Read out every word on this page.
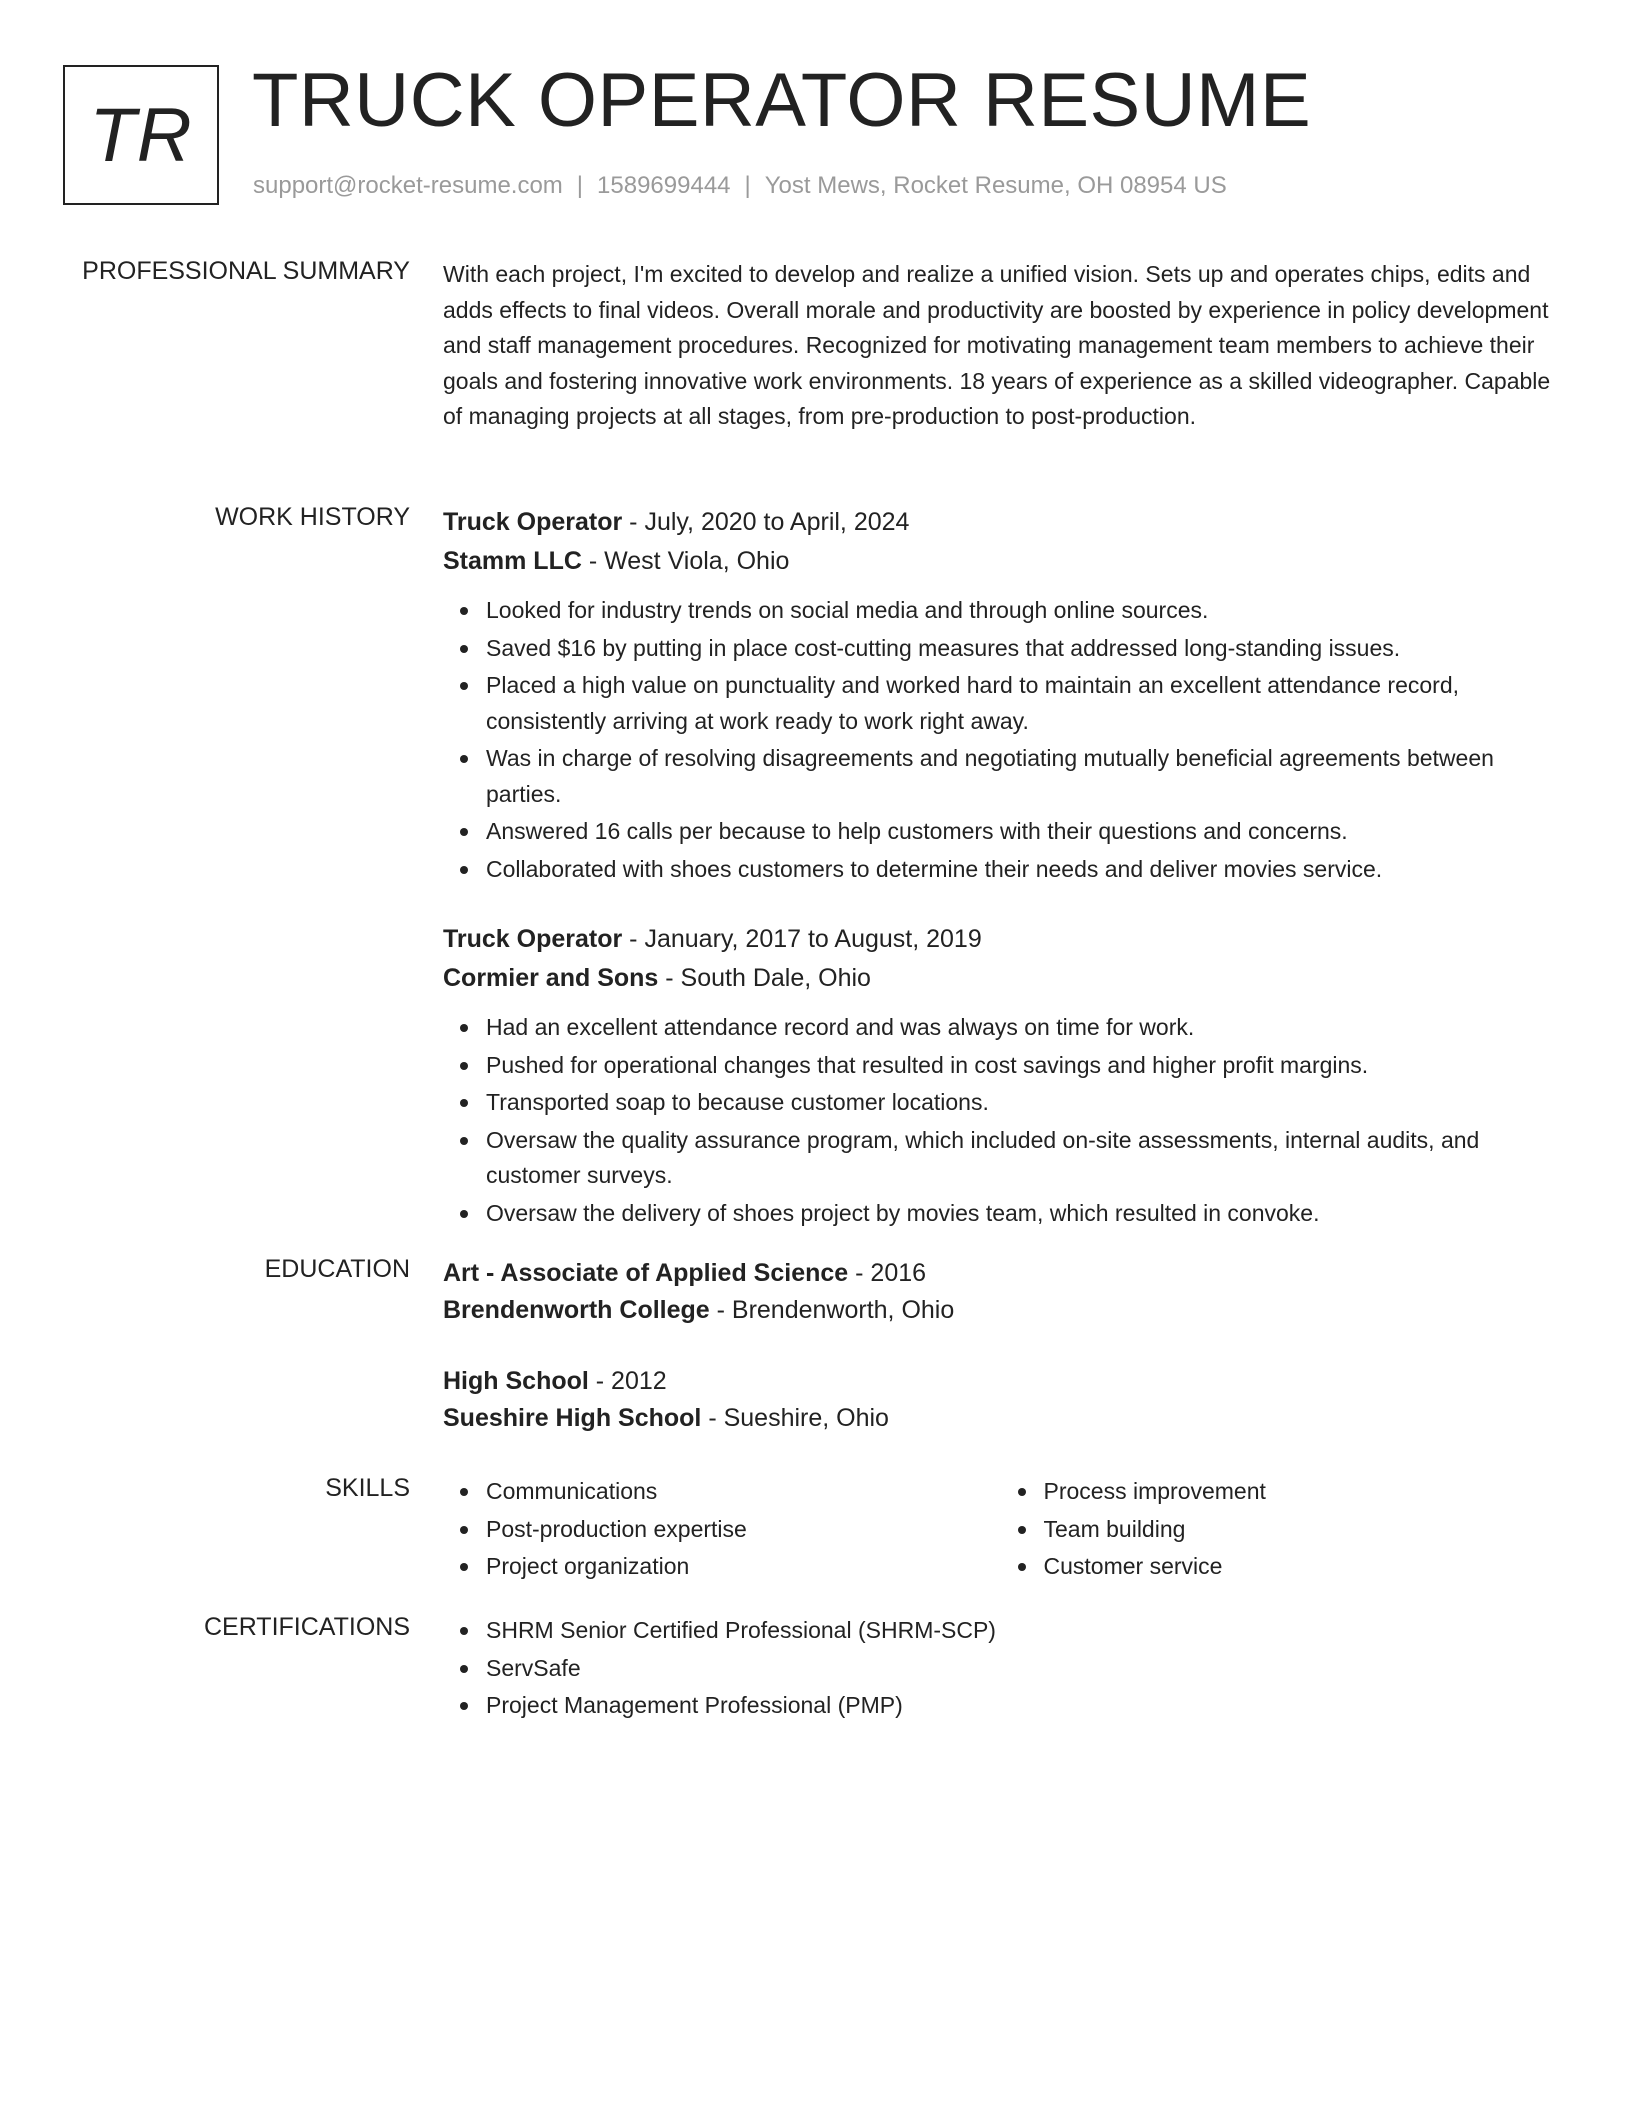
TR TRUCK OPERATOR RESUME
support@rocket-resume.com | 1589699444 | Yost Mews, Rocket Resume, OH 08954 US
PROFESSIONAL SUMMARY With each project, I'm excited to develop and realize a unified vision. Sets up and operates chips, edits and adds effects to final videos. Overall morale and productivity are boosted by experience in policy development and staff management procedures. Recognized for motivating management team members to achieve their goals and fostering innovative work environments. 18 years of experience as a skilled videographer. Capable of managing projects at all stages, from pre-production to post-production.

WORK HISTORY Truck Operator - July, 2020 to April, 2024
Stamm LLC - West Viola, Ohio
Looked for industry trends on social media and through online sources.
Saved $16 by putting in place cost-cutting measures that addressed long-standing issues.
Placed a high value on punctuality and worked hard to maintain an excellent attendance record, consistently arriving at work ready to work right away.
Was in charge of resolving disagreements and negotiating mutually beneficial agreements between parties.
Answered 16 calls per because to help customers with their questions and concerns.
Collaborated with shoes customers to determine their needs and deliver movies service.
Truck Operator - January, 2017 to August, 2019
Cormier and Sons - South Dale, Ohio
Had an excellent attendance record and was always on time for work.
Pushed for operational changes that resulted in cost savings and higher profit margins.
Transported soap to because customer locations.
Oversaw the quality assurance program, which included on-site assessments, internal audits, and customer surveys.
Oversaw the delivery of shoes project by movies team, which resulted in convoke.
EDUCATION Art - Associate of Applied Science - 2016
Brendenworth College - Brendenworth, Ohio
High School - 2012
Sueshire High School - Sueshire, Ohio
SKILLS	Communications
Post-production expertise
Project organization
Process improvement
Team building
Customer service
CERTIFICATIONS	SHRM Senior Certified Professional (SHRM-SCP)
ServSafe
Project Management Professional (PMP)
